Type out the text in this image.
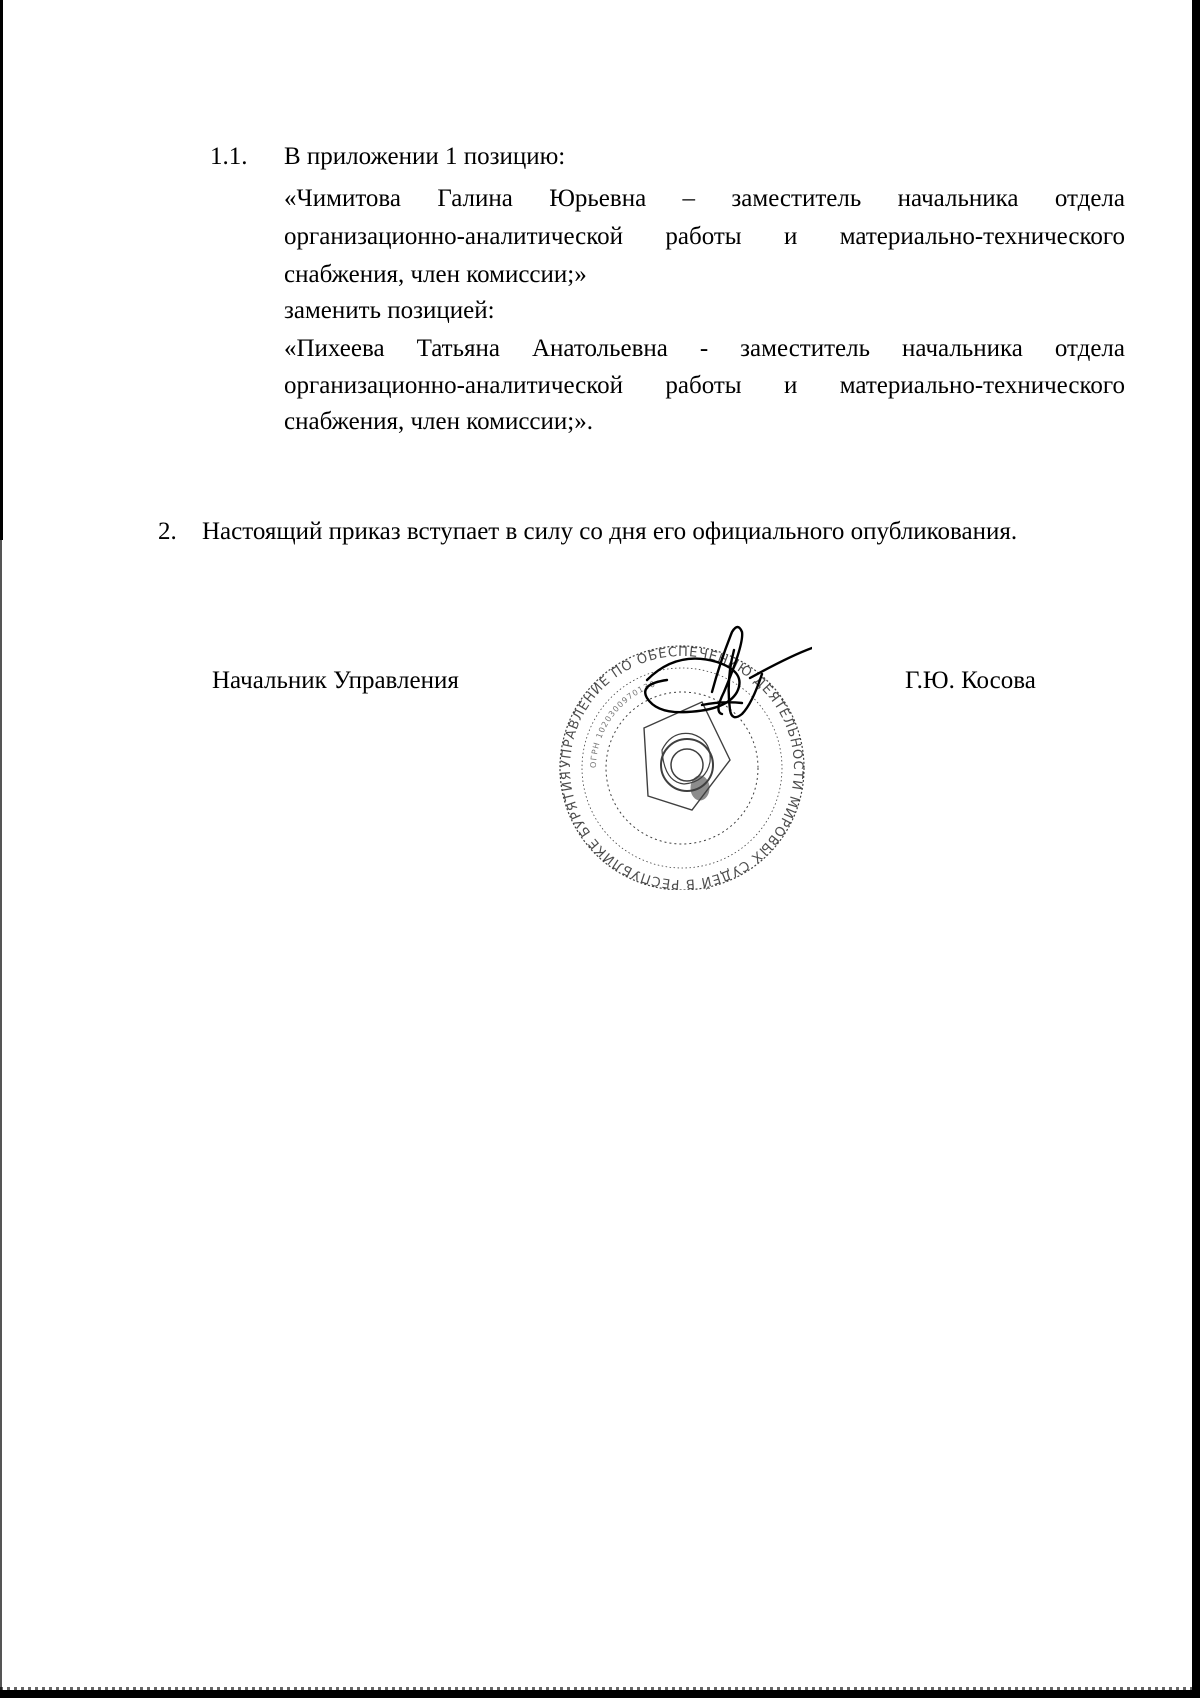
1.1. В приложении 1 позицию:
«Чимитова Галина Юрьевна – заместитель начальника отдела
организационно-аналитической работы и материально-технического
снабжения, член комиссии;»
заменить позицией:
«Пихеева Татьяна Анатольевна - заместитель начальника отдела
организационно-аналитической работы и материально-технического
снабжения, член комиссии;».
2. Настоящий приказ вступает в силу со дня его официального опубликования.
Начальник Управления	Г.Ю. Косова
УПРАВЛЕНИЕ ПО ОБЕСПЕЧЕНИЮ ДЕЯТЕЛЬНОСТИ МИРОВЫХ СУДЕЙ В РЕСПУБЛИКЕ БУРЯТИЯ
ОГРН 1020300970130
